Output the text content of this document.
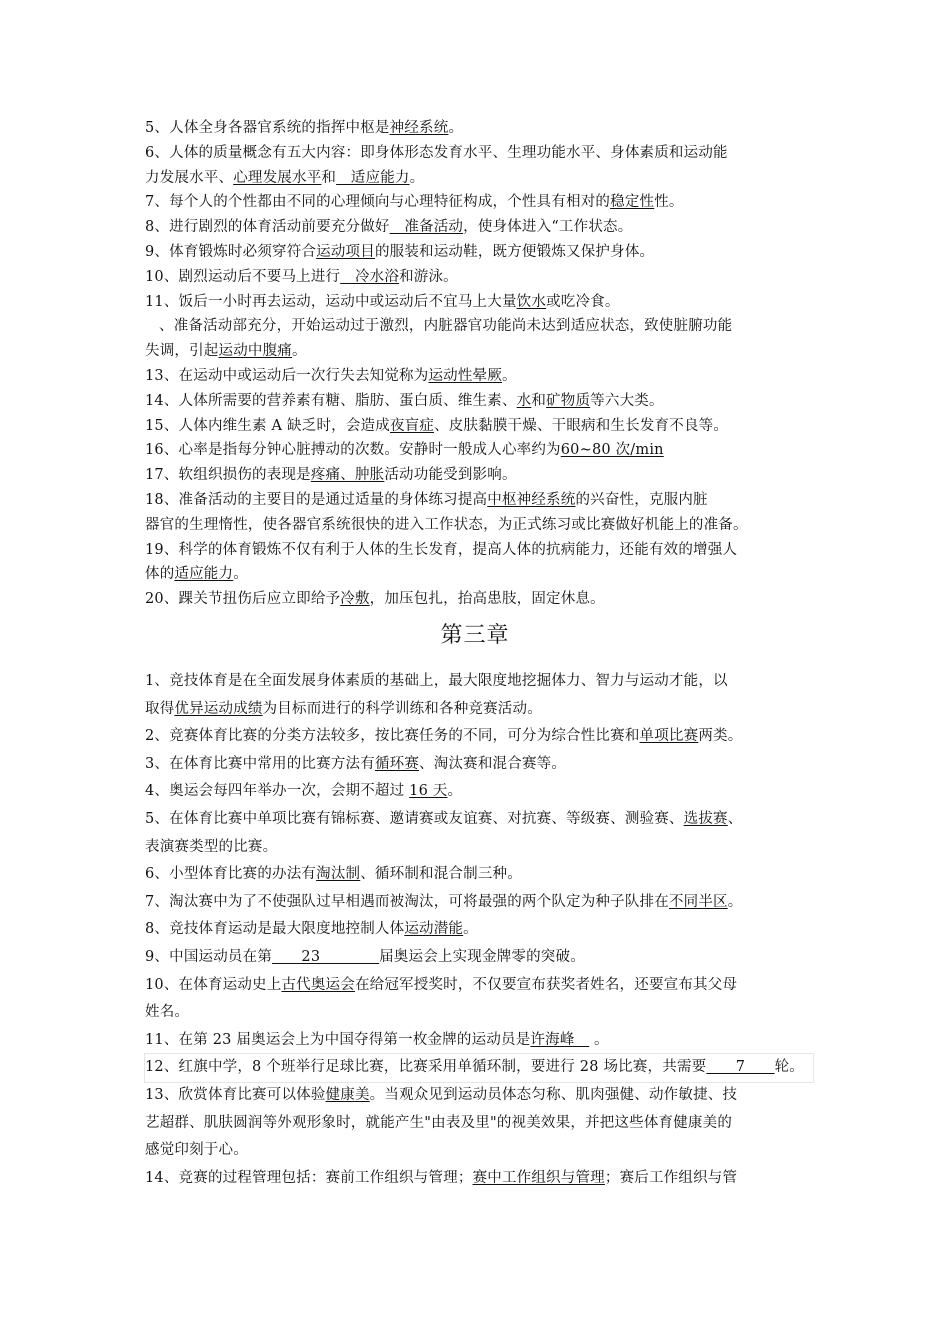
5、人体全身各器官系统的指挥中枢是神经系统。
6、人体的质量概念有五大内容：即身体形态发育水平、生理功能水平、身体素质和运动能
力发展水平、心理发展水平和　适应能力。
7、每个人的个性都由不同的心理倾向与心理特征构成，个性具有相对的稳定性性。
8、进行剧烈的体育活动前要充分做好　准备活动，使身体进入“工作状态。
9、体育锻炼时必须穿符合运动项目的服装和运动鞋，既方便锻炼又保护身体。
10、剧烈运动后不要马上进行　冷水浴和游泳。
11、饭后一小时再去运动，运动中或运动后不宜马上大量饮水或吃冷食。
、准备活动部充分，开始运动过于激烈，内脏器官功能尚未达到适应状态，致使脏腑功能
失调，引起运动中腹痛。
13、在运动中或运动后一次行失去知觉称为运动性晕厥。
14、人体所需要的营养素有糖、脂肪、蛋白质、维生素、水和矿物质等六大类。
15、人体内维生素 A 缺乏时，会造成夜盲症、皮肤黏膜干燥、干眼病和生长发育不良等。
16、心率是指每分钟心脏搏动的次数。安静时一般成人心率约为60~80 次/min
17、软组织损伤的表现是疼痛、肿胀活动功能受到影响。
18、准备活动的主要目的是通过适量的身体练习提高中枢神经系统的兴奋性，克服内脏
器官的生理惰性，使各器官系统很快的进入工作状态，为正式练习或比赛做好机能上的准备。
19、科学的体育锻炼不仅有利于人体的生长发育，提高人体的抗病能力，还能有效的增强人
体的适应能力。
20、踝关节扭伤后应立即给予冷敷，加压包扎，抬高患肢，固定休息。
第三章
1、竞技体育是在全面发展身体素质的基础上，最大限度地挖掘体力、智力与运动才能，以
取得优异运动成绩为目标而进行的科学训练和各种竞赛活动。
2、竞赛体育比赛的分类方法较多，按比赛任务的不同，可分为综合性比赛和单项比赛两类。
3、在体育比赛中常用的比赛方法有循环赛、淘汰赛和混合赛等。
4、奥运会每四年举办一次，会期不超过 16 天。
5、在体育比赛中单项比赛有锦标赛、邀请赛或友谊赛、对抗赛、等级赛、测验赛、选拔赛、
表演赛类型的比赛。
6、小型体育比赛的办法有淘汰制、循环制和混合制三种。
7、淘汰赛中为了不使强队过早相遇而被淘汰，可将最强的两个队定为种子队排在不同半区。
8、竞技体育运动是最大限度地控制人体运动潜能。
9、中国运动员在第　　23　　　　届奥运会上实现金牌零的突破。
10、在体育运动史上古代奥运会在给冠军授奖时，不仅要宣布获奖者姓名，还要宣布其父母
姓名。
11、在第 23 届奥运会上为中国夺得第一枚金牌的运动员是许海峰　 。
12、红旗中学，8 个班举行足球比赛，比赛采用单循环制，要进行 28 场比赛，共需要　　7　　轮。
13、欣赏体育比赛可以体验健康美。当观众见到运动员体态匀称、肌肉强健、动作敏捷、技
艺超群、肌肤圆润等外观形象时，就能产生"由表及里"的视美效果，并把这些体育健康美的
感觉印刻于心。
14、竞赛的过程管理包括：赛前工作组织与管理；赛中工作组织与管理；赛后工作组织与管
